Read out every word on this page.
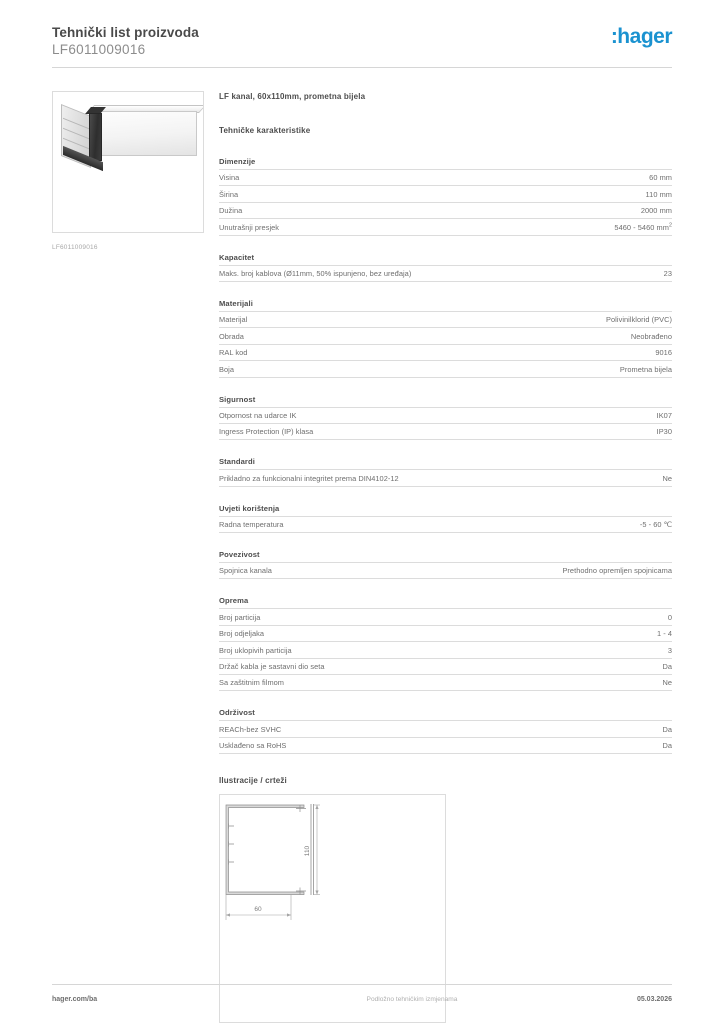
Tehnički list proizvoda
LF6011009016
:hager
LF6011009016
LF kanal, 60x110mm, prometna bijela
Tehničke karakteristike
Dimenzije
Visina	60 mm
Širina	110 mm
Dužina	2000 mm
Unutrašnji presjek	5460 - 5460 $mm^2$
Kapacitet
Maks. broj kablova (Ø11mm, 50% ispunjeno, bez uređaja)	23
Materijali
Materijal	Polivinilklorid (PVC)
Obrada	Neobrađeno
RAL kod	9016
Boja	Prometna bijela
Sigurnost
Otpornost na udarce IK	IK07
Ingress Protection (IP) klasa	IP30
Standardi
Prikladno za funkcionalni integritet prema DIN4102-12	Ne
Uvjeti korištenja
Radna temperatura	-5 - 60 ℃
Povezivost
Spojnica kanala	Prethodno opremljen spojnicama
Oprema
Broj particija	0
Broj odjeljaka	1 - 4
Broj uklopivih particija	3
Držač kabla je sastavni dio seta	Da
Sa zaštitnim filmom	Ne
Održivost
REACh-bez SVHC	Da
Usklađeno sa RoHS	Da
Ilustracije / crteži
110
60
hager.com/ba	Podložno tehničkim izmjenama	05.03.2026
